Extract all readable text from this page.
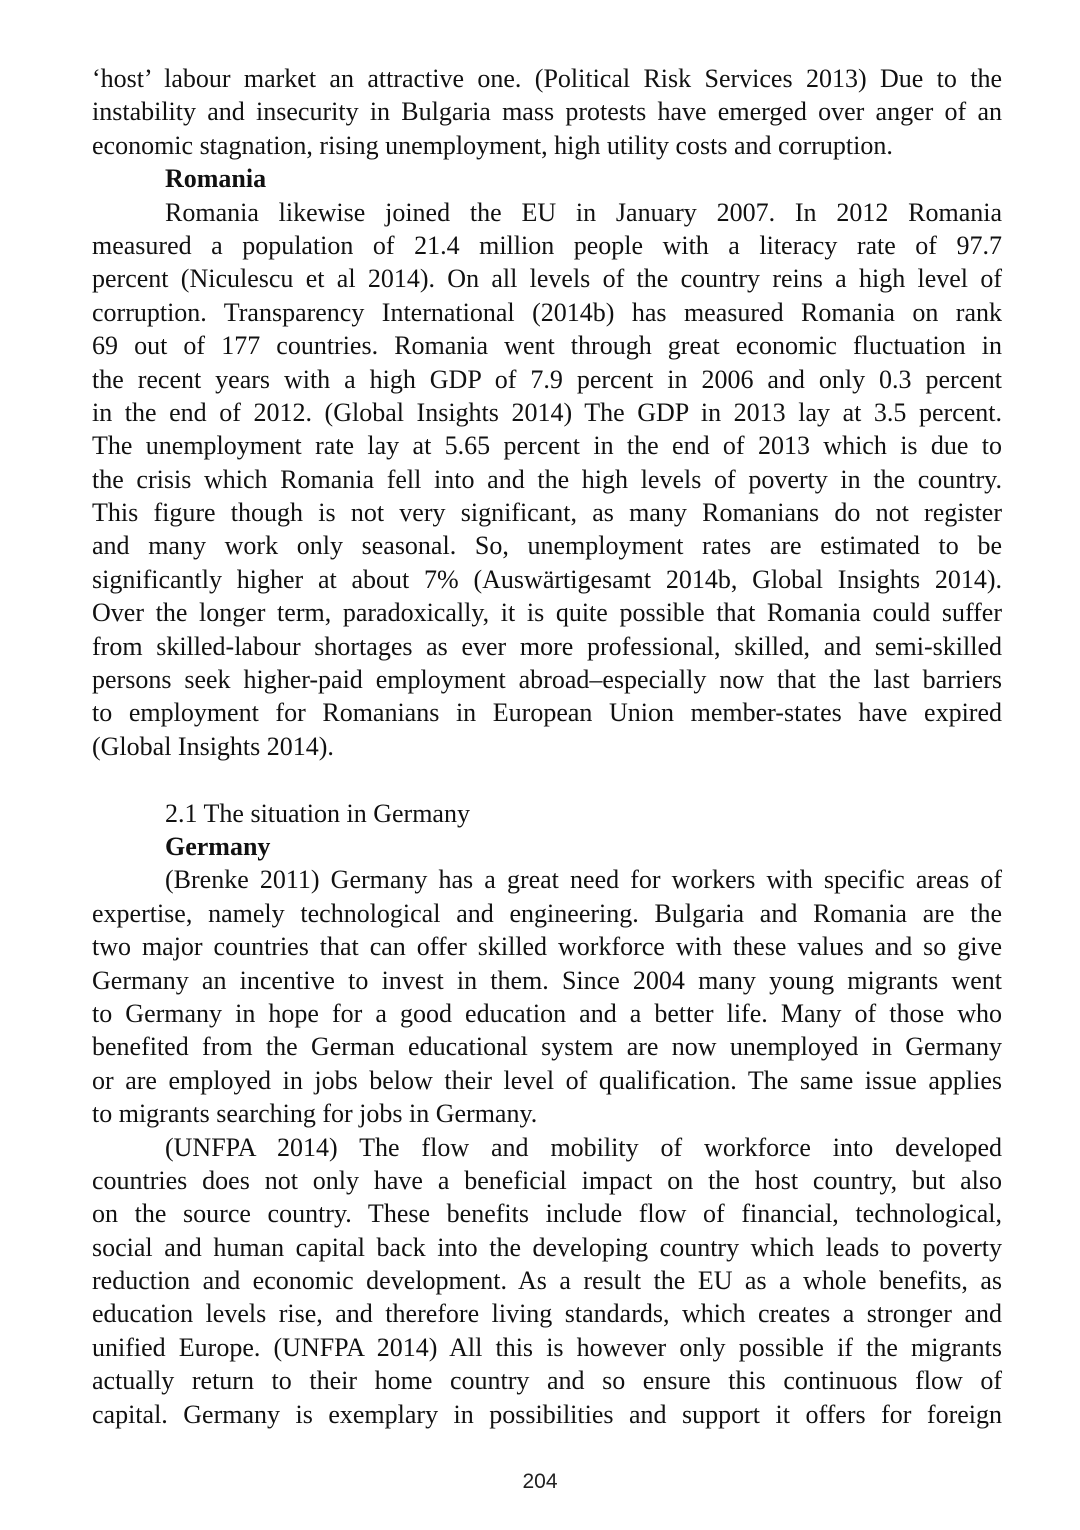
‘host’ labour market an attractive one. (Political Risk Services 2013) Due to the
instability and insecurity in Bulgaria mass protests have emerged over anger of an
economic stagnation, rising unemployment, high utility costs and corruption.
Romania
Romania likewise joined the EU in January 2007. In 2012 Romania
measured a population of 21.4 million people with a literacy rate of 97.7
percent (Niculescu et al 2014). On all levels of the country reins a high level of
corruption. Transparency International (2014b) has measured Romania on rank
69 out of 177 countries. Romania went through great economic fluctuation in
the recent years with a high GDP of 7.9 percent in 2006 and only 0.3 percent
in the end of 2012. (Global Insights 2014) The GDP in 2013 lay at 3.5 percent.
The unemployment rate lay at 5.65 percent in the end of 2013 which is due to
the crisis which Romania fell into and the high levels of poverty in the country.
This figure though is not very significant, as many Romanians do not register
and many work only seasonal. So, unemployment rates are estimated to be
significantly higher at about 7% (Auswärtigesamt 2014b, Global Insights 2014).
Over the longer term, paradoxically, it is quite possible that Romania could suffer
from skilled-labour shortages as ever more professional, skilled, and semi-skilled
persons seek higher-paid employment abroad–especially now that the last barriers
to employment for Romanians in European Union member-states have expired
(Global Insights 2014).
2.1 The situation in Germany
Germany
(Brenke 2011) Germany has a great need for workers with specific areas of
expertise, namely technological and engineering. Bulgaria and Romania are the
two major countries that can offer skilled workforce with these values and so give
Germany an incentive to invest in them. Since 2004 many young migrants went
to Germany in hope for a good education and a better life. Many of those who
benefited from the German educational system are now unemployed in Germany
or are employed in jobs below their level of qualification. The same issue applies
to migrants searching for jobs in Germany.
(UNFPA 2014) The flow and mobility of workforce into developed
countries does not only have a beneficial impact on the host country, but also
on the source country. These benefits include flow of financial, technological,
social and human capital back into the developing country which leads to poverty
reduction and economic development. As a result the EU as a whole benefits, as
education levels rise, and therefore living standards, which creates a stronger and
unified Europe. (UNFPA 2014) All this is however only possible if the migrants
actually return to their home country and so ensure this continuous flow of
capital. Germany is exemplary in possibilities and support it offers for foreign
204
